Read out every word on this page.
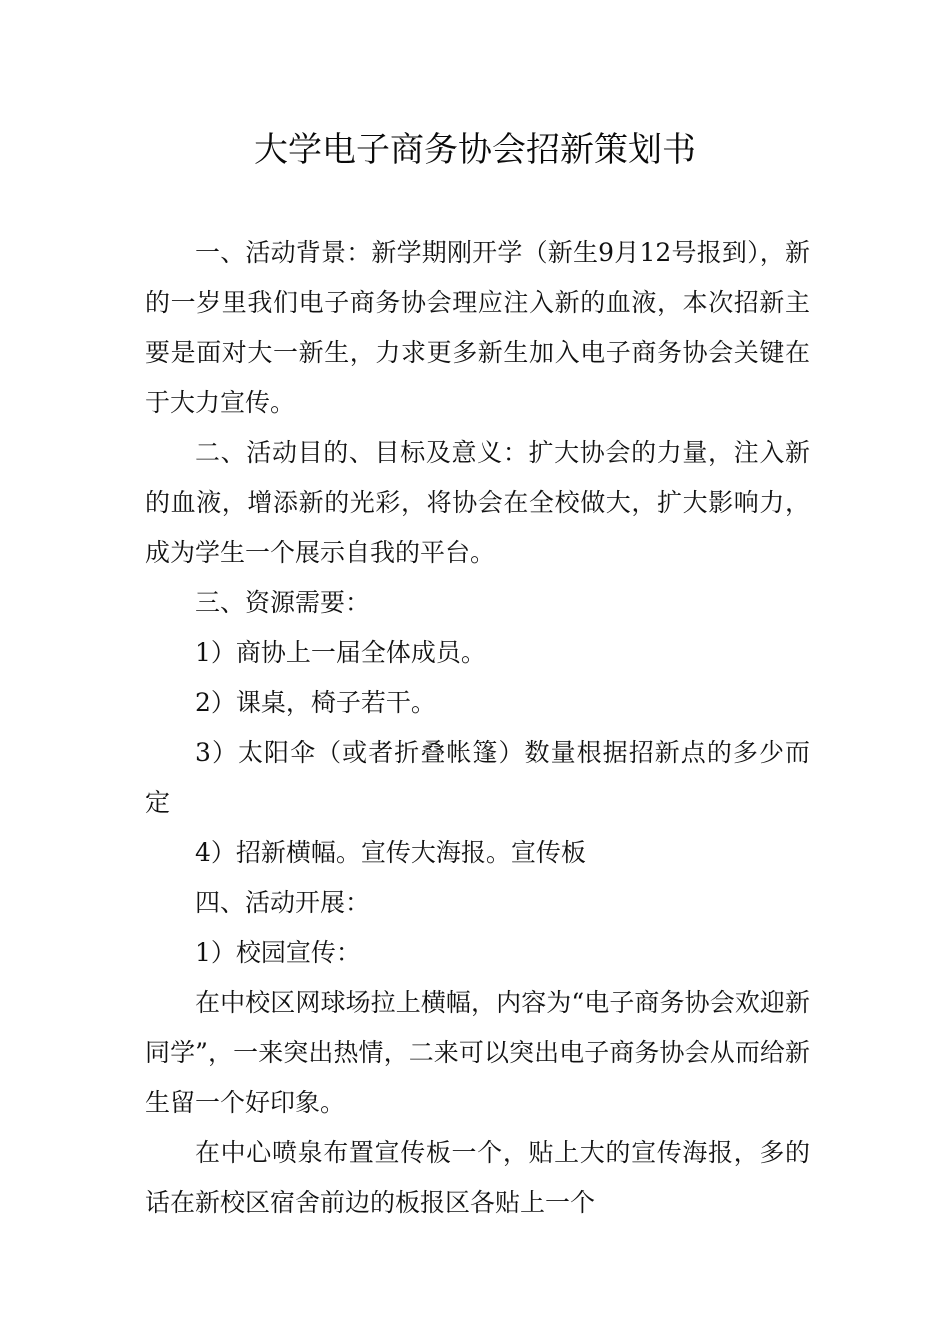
大学电子商务协会招新策划书

一、活动背景：新学期刚开学（新生9月12号报到），新的一岁里我们电子商务协会理应注入新的血液，本次招新主要是面对大一新生，力求更多新生加入电子商务协会关键在于大力宣传。

二、活动目的、目标及意义：扩大协会的力量，注入新的血液，增添新的光彩，将协会在全校做大，扩大影响力，成为学生一个展示自我的平台。

三、资源需要：

1）商协上一届全体成员。

2）课桌，椅子若干。

3）太阳伞（或者折叠帐篷）数量根据招新点的多少而定

4）招新横幅。宣传大海报。宣传板

四、活动开展：

1）校园宣传：

在中校区网球场拉上横幅，内容为“电子商务协会欢迎新同学”，一来突出热情，二来可以突出电子商务协会从而给新生留一个好印象。

在中心喷泉布置宣传板一个，贴上大的宣传海报，多的话在新校区宿舍前边的板报区各贴上一个
